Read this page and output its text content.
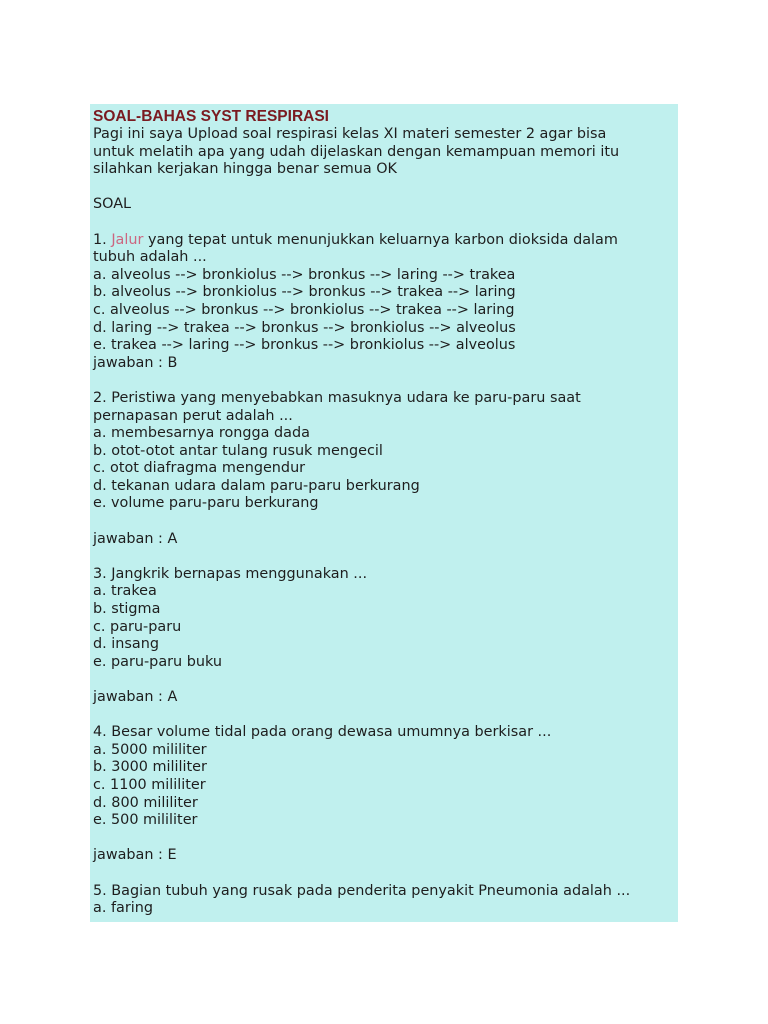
SOAL-BAHAS SYST RESPIRASI
Pagi ini saya Upload soal respirasi kelas XI materi semester 2 agar bisa
untuk melatih apa yang udah dijelaskan dengan kemampuan memori itu
silahkan kerjakan hingga benar semua OK
SOAL
1. Jalur yang tepat untuk menunjukkan keluarnya karbon dioksida dalam
tubuh adalah ...
a. alveolus --> bronkiolus --> bronkus --> laring --> trakea
b. alveolus --> bronkiolus --> bronkus --> trakea --> laring
c. alveolus --> bronkus --> bronkiolus --> trakea --> laring
d. laring --> trakea --> bronkus --> bronkiolus --> alveolus
e. trakea --> laring --> bronkus --> bronkiolus --> alveolus
jawaban : B
2. Peristiwa yang menyebabkan masuknya udara ke paru-paru saat
pernapasan perut adalah ...
a. membesarnya rongga dada
b. otot-otot antar tulang rusuk mengecil
c. otot diafragma mengendur
d. tekanan udara dalam paru-paru berkurang
e. volume paru-paru berkurang
jawaban : A
3. Jangkrik bernapas menggunakan ...
a. trakea
b. stigma
c. paru-paru
d. insang
e. paru-paru buku
jawaban : A
4. Besar volume tidal pada orang dewasa umumnya berkisar ...
a. 5000 mililiter
b. 3000 mililiter
c. 1100 mililiter
d. 800 mililiter
e. 500 mililiter
jawaban : E
5. Bagian tubuh yang rusak pada penderita penyakit Pneumonia adalah ...
a. faring
